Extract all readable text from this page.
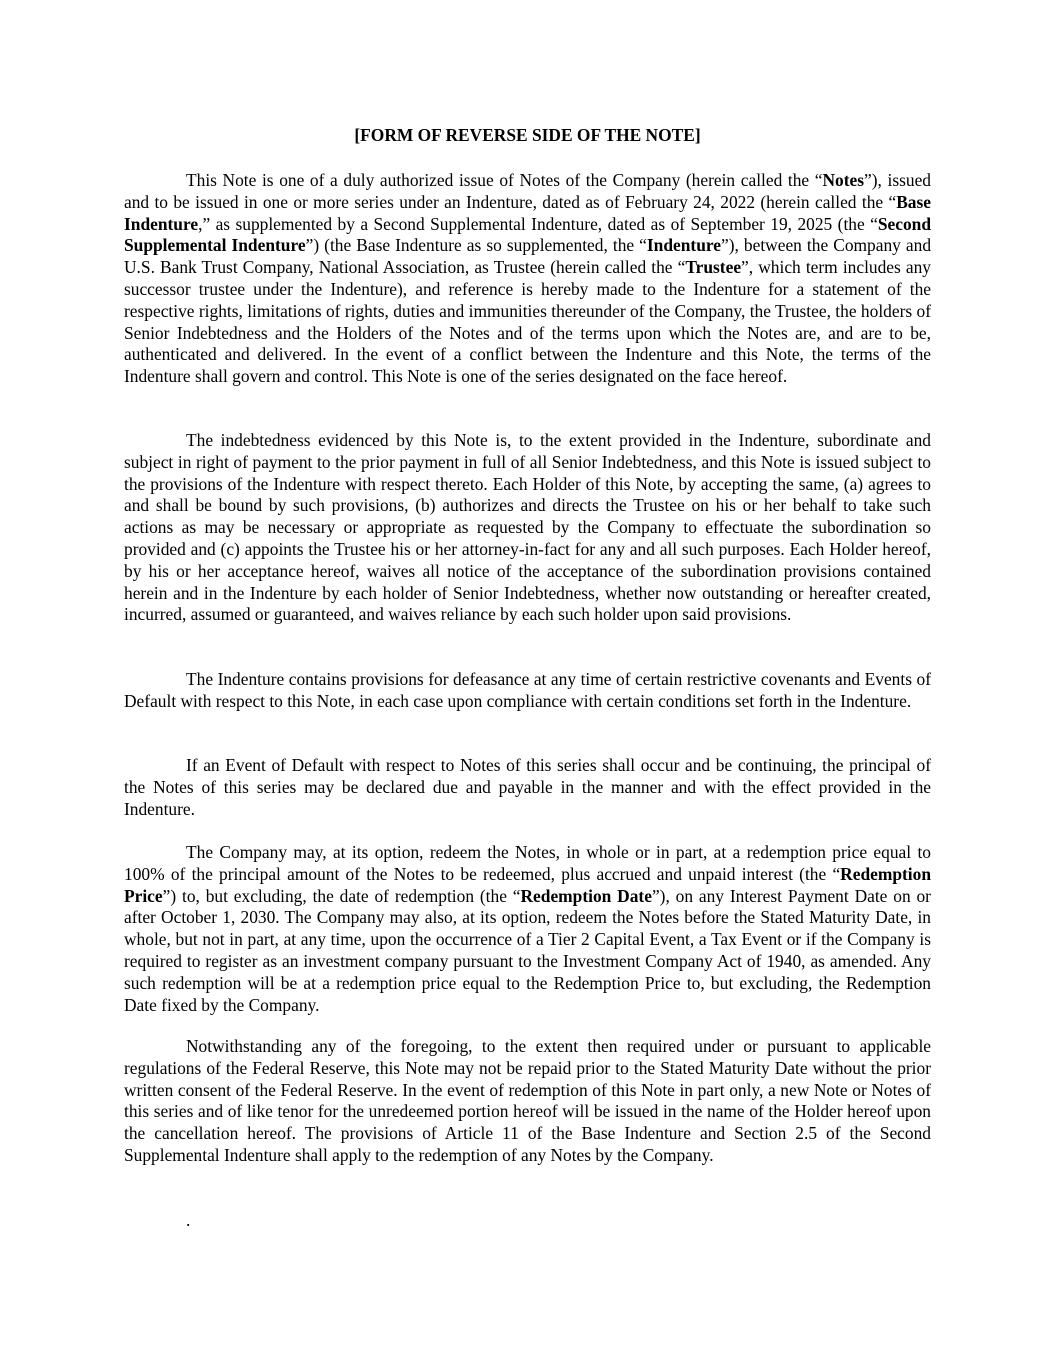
[FORM OF REVERSE SIDE OF THE NOTE]

This Note is one of a duly authorized issue of Notes of the Company (herein called the “Notes”), issued and to be issued in one or more series under an Indenture, dated as of February 24, 2022 (herein called the “Base Indenture,” as supplemented by a Second Supplemental Indenture, dated as of September 19, 2025 (the “Second Supplemental Indenture”) (the Base Indenture as so supplemented, the “Indenture”), between the Company and U.S. Bank Trust Company, National Association, as Trustee (herein called the “Trustee”, which term includes any successor trustee under the Indenture), and reference is hereby made to the Indenture for a statement of the respective rights, limitations of rights, duties and immunities thereunder of the Company, the Trustee, the holders of Senior Indebtedness and the Holders of the Notes and of the terms upon which the Notes are, and are to be, authenticated and delivered. In the event of a conflict between the Indenture and this Note, the terms of the Indenture shall govern and control. This Note is one of the series designated on the face hereof.

The indebtedness evidenced by this Note is, to the extent provided in the Indenture, subordinate and subject in right of payment to the prior payment in full of all Senior Indebtedness, and this Note is issued subject to the provisions of the Indenture with respect thereto. Each Holder of this Note, by accepting the same, (a) agrees to and shall be bound by such provisions, (b) authorizes and directs the Trustee on his or her behalf to take such actions as may be necessary or appropriate as requested by the Company to effectuate the subordination so provided and (c) appoints the Trustee his or her attorney-in-fact for any and all such purposes. Each Holder hereof, by his or her acceptance hereof, waives all notice of the acceptance of the subordination provisions contained herein and in the Indenture by each holder of Senior Indebtedness, whether now outstanding or hereafter created, incurred, assumed or guaranteed, and waives reliance by each such holder upon said provisions.

The Indenture contains provisions for defeasance at any time of certain restrictive covenants and Events of Default with respect to this Note, in each case upon compliance with certain conditions set forth in the Indenture.

If an Event of Default with respect to Notes of this series shall occur and be continuing, the principal of the Notes of this series may be declared due and payable in the manner and with the effect provided in the Indenture.

The Company may, at its option, redeem the Notes, in whole or in part, at a redemption price equal to 100% of the principal amount of the Notes to be redeemed, plus accrued and unpaid interest (the “Redemption Price”) to, but excluding, the date of redemption (the “Redemption Date”), on any Interest Payment Date on or after October 1, 2030. The Company may also, at its option, redeem the Notes before the Stated Maturity Date, in whole, but not in part, at any time, upon the occurrence of a Tier 2 Capital Event, a Tax Event or if the Company is required to register as an investment company pursuant to the Investment Company Act of 1940, as amended. Any such redemption will be at a redemption price equal to the Redemption Price to, but excluding, the Redemption Date fixed by the Company.

Notwithstanding any of the foregoing, to the extent then required under or pursuant to applicable regulations of the Federal Reserve, this Note may not be repaid prior to the Stated Maturity Date without the prior written consent of the Federal Reserve. In the event of redemption of this Note in part only, a new Note or Notes of this series and of like tenor for the unredeemed portion hereof will be issued in the name of the Holder hereof upon the cancellation hereof. The provisions of Article 11 of the Base Indenture and Section 2.5 of the Second Supplemental Indenture shall apply to the redemption of any Notes by the Company.

.
